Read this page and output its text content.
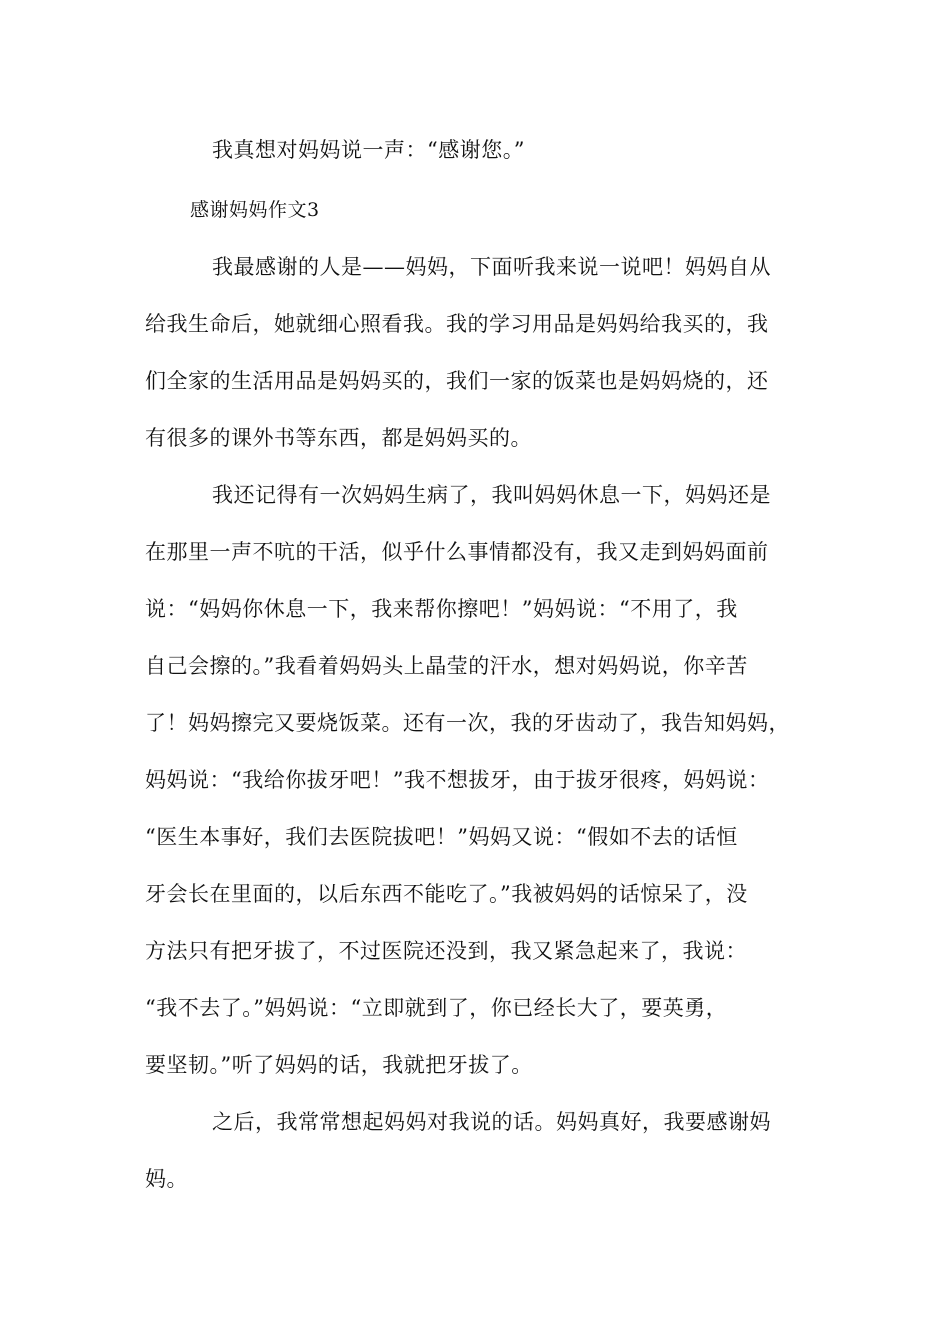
我真想对妈妈说一声：“感谢您。”
感谢妈妈作文3
我最感谢的人是——妈妈，下面听我来说一说吧！妈妈自从
给我生命后，她就细心照看我。我的学习用品是妈妈给我买的，我
们全家的生活用品是妈妈买的，我们一家的饭菜也是妈妈烧的，还
有很多的课外书等东西，都是妈妈买的。
我还记得有一次妈妈生病了，我叫妈妈休息一下，妈妈还是
在那里一声不吭的干活，似乎什么事情都没有，我又走到妈妈面前
说：“妈妈你休息一下，我来帮你擦吧！”妈妈说：“不用了，我
自己会擦的。”我看着妈妈头上晶莹的汗水，想对妈妈说，你辛苦
了！妈妈擦完又要烧饭菜。还有一次，我的牙齿动了，我告知妈妈，
妈妈说：“我给你拔牙吧！”我不想拔牙，由于拔牙很疼，妈妈说：
“医生本事好，我们去医院拔吧！”妈妈又说：“假如不去的话恒
牙会长在里面的，以后东西不能吃了。”我被妈妈的话惊呆了，没
方法只有把牙拔了，不过医院还没到，我又紧急起来了，我说：
“我不去了。”妈妈说：“立即就到了，你已经长大了，要英勇，
要坚韧。”听了妈妈的话，我就把牙拔了。
之后，我常常想起妈妈对我说的话。妈妈真好，我要感谢妈
妈。
